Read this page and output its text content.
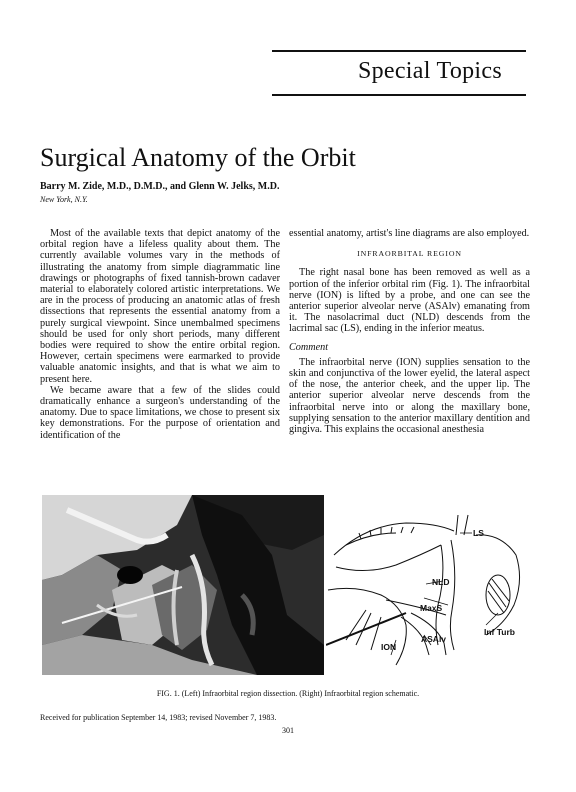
Special Topics
Surgical Anatomy of the Orbit
Barry M. Zide, M.D., D.M.D., and Glenn W. Jelks, M.D.
New York, N.Y.

Most of the available texts that depict anatomy of the orbital region have a lifeless quality about them. The currently available volumes vary in the methods of illustrating the anatomy from simple diagrammatic line drawings or photographs of fixed tannish-brown cadaver material to elaborately colored artistic interpretations. We are in the process of producing an anatomic atlas of fresh dissections that represents the essential anatomy from a purely surgical viewpoint. Since unembalmed specimens should be used for only short periods, many different bodies were required to show the entire orbital region. However, certain specimens were earmarked to provide valuable anatomic insights, and that is what we aim to present here.

We became aware that a few of the slides could dramatically enhance a surgeon's understanding of the anatomy. Due to space limitations, we chose to present six key demonstrations. For the purpose of orientation and identification of the

essential anatomy, artist's line diagrams are also employed.

INFRAORBITAL REGION

The right nasal bone has been removed as well as a portion of the inferior orbital rim (Fig. 1). The infraorbital nerve (ION) is lifted by a probe, and one can see the anterior superior alveolar nerve (ASAlv) emanating from it. The nasolacrimal duct (NLD) descends from the lacrimal sac (LS), ending in the inferior meatus.

Comment

The infraorbital nerve (ION) supplies sensation to the skin and conjunctiva of the lower eyelid, the lateral aspect of the nose, the anterior cheek, and the upper lip. The anterior superior alveolar nerve descends from the infraorbital nerve into or along the maxillary bone, supplying sensation to the anterior maxillary dentition and gingiva. This explains the occasional anesthesia

LS
NLD
MaxS
Inf Turb
ASAlv
ION
FIG. 1. (Left) Infraorbital region dissection. (Right) Infraorbital region schematic.
Received for publication September 14, 1983; revised November 7, 1983.
301
